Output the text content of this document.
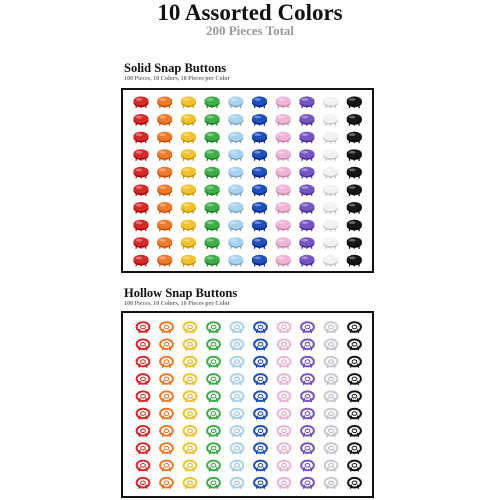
10 Assorted Colors
200 Pieces Total
Solid Snap Buttons
100 Pieces, 10 Colors, 10 Pieces per Color
Hollow Snap Buttons
100 Pieces, 10 Colors, 10 Pieces per Color
